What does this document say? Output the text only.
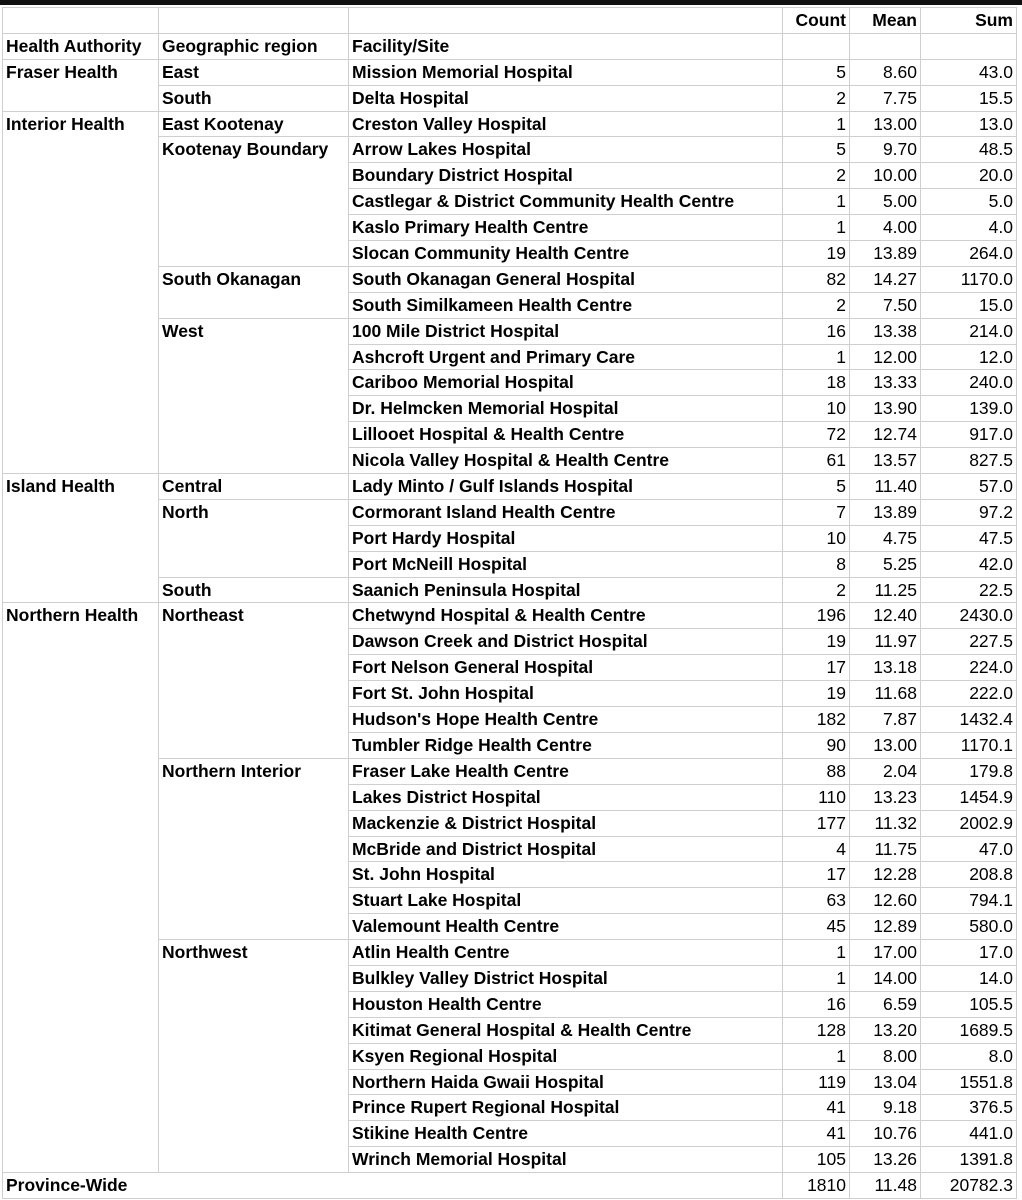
			Count	Mean	Sum
Health Authority	Geographic region	Facility/Site			
Fraser Health	East	Mission Memorial Hospital	5	8.60	43.0
	South	Delta Hospital	2	7.75	15.5
Interior Health	East Kootenay	Creston Valley Hospital	1	13.00	13.0
	Kootenay Boundary	Arrow Lakes Hospital	5	9.70	48.5
		Boundary District Hospital	2	10.00	20.0
		Castlegar & District Community Health Centre	1	5.00	5.0
		Kaslo Primary Health Centre	1	4.00	4.0
		Slocan Community Health Centre	19	13.89	264.0
	South Okanagan	South Okanagan General Hospital	82	14.27	1170.0
		South Similkameen Health Centre	2	7.50	15.0
	West	100 Mile District Hospital	16	13.38	214.0
		Ashcroft Urgent and Primary Care	1	12.00	12.0
		Cariboo Memorial Hospital	18	13.33	240.0
		Dr. Helmcken Memorial Hospital	10	13.90	139.0
		Lillooet Hospital & Health Centre	72	12.74	917.0
		Nicola Valley Hospital & Health Centre	61	13.57	827.5
Island Health	Central	Lady Minto / Gulf Islands Hospital	5	11.40	57.0
	North	Cormorant Island Health Centre	7	13.89	97.2
		Port Hardy Hospital	10	4.75	47.5
		Port McNeill Hospital	8	5.25	42.0
	South	Saanich Peninsula Hospital	2	11.25	22.5
Northern Health	Northeast	Chetwynd Hospital & Health Centre	196	12.40	2430.0
		Dawson Creek and District Hospital	19	11.97	227.5
		Fort Nelson General Hospital	17	13.18	224.0
		Fort St. John Hospital	19	11.68	222.0
		Hudson's Hope Health Centre	182	7.87	1432.4
		Tumbler Ridge Health Centre	90	13.00	1170.1
	Northern Interior	Fraser Lake Health Centre	88	2.04	179.8
		Lakes District Hospital	110	13.23	1454.9
		Mackenzie & District Hospital	177	11.32	2002.9
		McBride and District Hospital	4	11.75	47.0
		St. John Hospital	17	12.28	208.8
		Stuart Lake Hospital	63	12.60	794.1
		Valemount Health Centre	45	12.89	580.0
	Northwest	Atlin Health Centre	1	17.00	17.0
		Bulkley Valley District Hospital	1	14.00	14.0
		Houston Health Centre	16	6.59	105.5
		Kitimat General Hospital & Health Centre	128	13.20	1689.5
		Ksyen Regional Hospital	1	8.00	8.0
		Northern Haida Gwaii Hospital	119	13.04	1551.8
		Prince Rupert Regional Hospital	41	9.18	376.5
		Stikine Health Centre	41	10.76	441.0
		Wrinch Memorial Hospital	105	13.26	1391.8
Province-Wide			1810	11.48	20782.3
